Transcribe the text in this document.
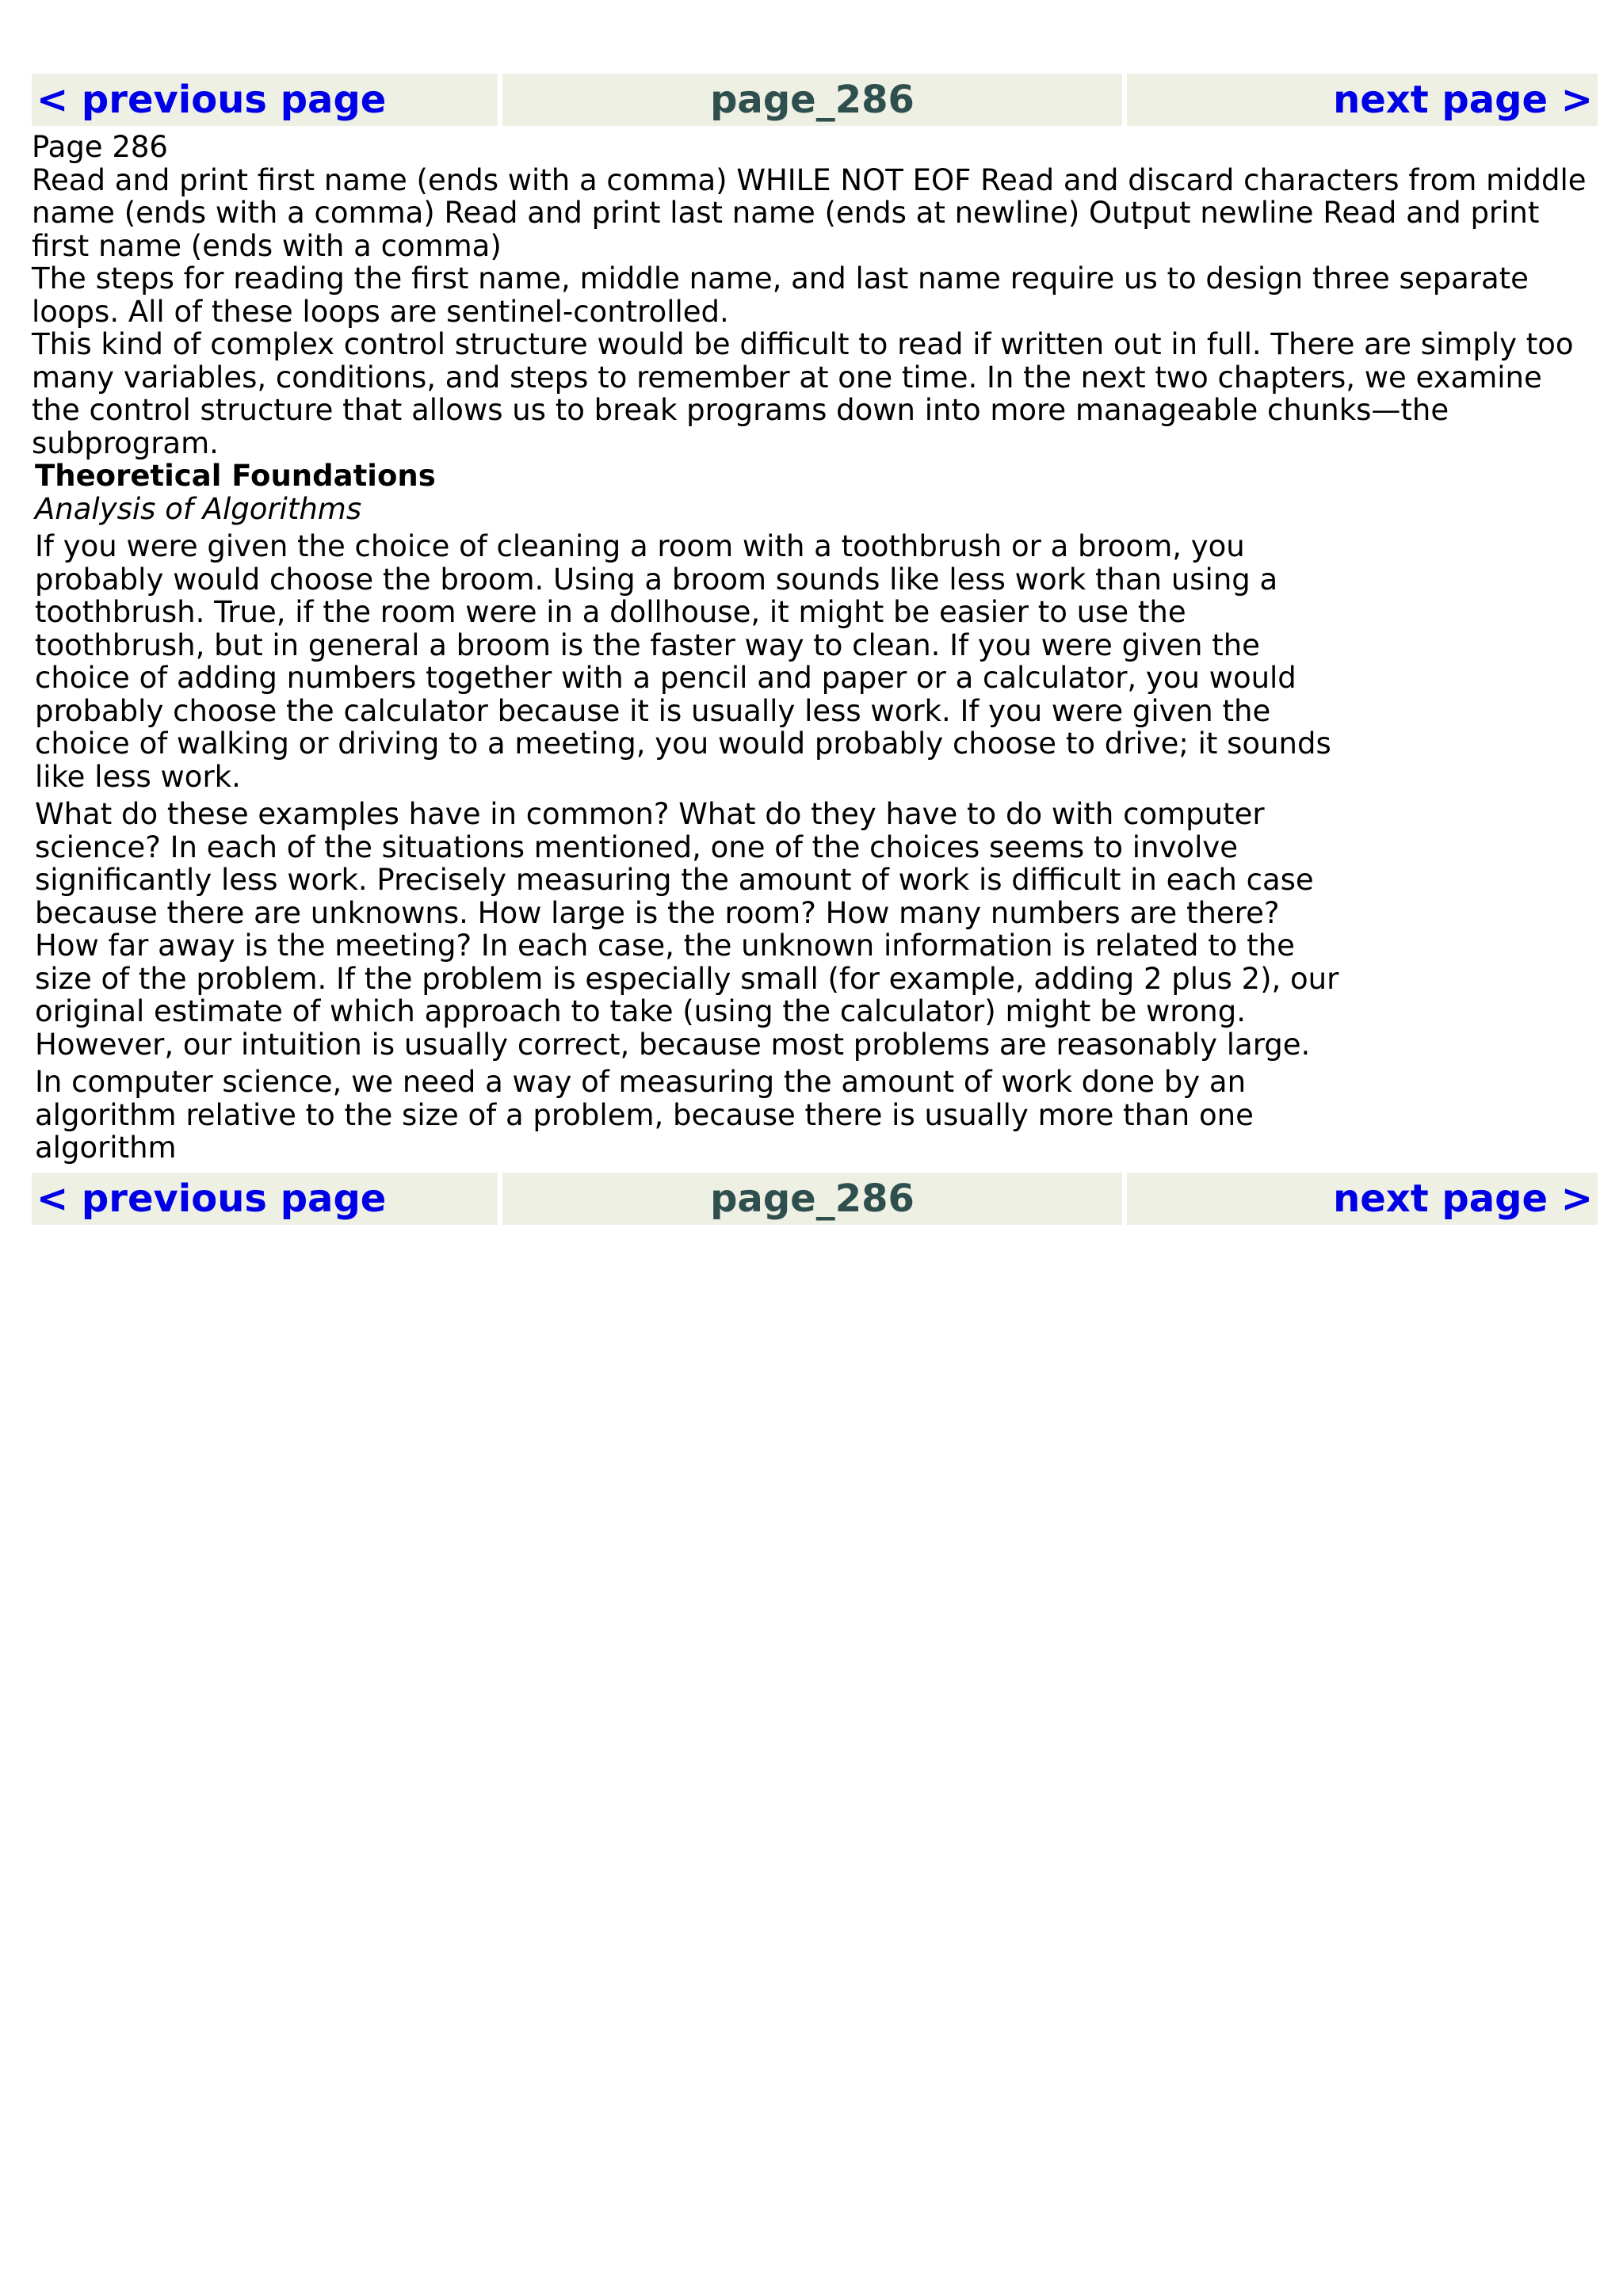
< previous page	page_286	next page >

Page 286

Read and print first name (ends with a comma) WHILE NOT EOF Read and discard characters from middle name (ends with a comma) Read and print last name (ends at newline) Output newline Read and print first name (ends with a comma)

The steps for reading the first name, middle name, and last name require us to design three separate loops. All of these loops are sentinel-controlled.

This kind of complex control structure would be difficult to read if written out in full. There are simply too many variables, conditions, and steps to remember at one time. In the next two chapters, we examine the control structure that allows us to break programs down into more manageable chunks—the subprogram.

Theoretical Foundations

Analysis of Algorithms

If you were given the choice of cleaning a room with a toothbrush or a broom, you probably would choose the broom. Using a broom sounds like less work than using a toothbrush. True, if the room were in a dollhouse, it might be easier to use the toothbrush, but in general a broom is the faster way to clean. If you were given the choice of adding numbers together with a pencil and paper or a calculator, you would probably choose the calculator because it is usually less work. If you were given the choice of walking or driving to a meeting, you would probably choose to drive; it sounds like less work.

What do these examples have in common? What do they have to do with computer science? In each of the situations mentioned, one of the choices seems to involve significantly less work. Precisely measuring the amount of work is difficult in each case because there are unknowns. How large is the room? How many numbers are there? How far away is the meeting? In each case, the unknown information is related to the size of the problem. If the problem is especially small (for example, adding 2 plus 2), our original estimate of which approach to take (using the calculator) might be wrong. However, our intuition is usually correct, because most problems are reasonably large.

In computer science, we need a way of measuring the amount of work done by an algorithm relative to the size of a problem, because there is usually more than one algorithm

< previous page	page_286	next page >
